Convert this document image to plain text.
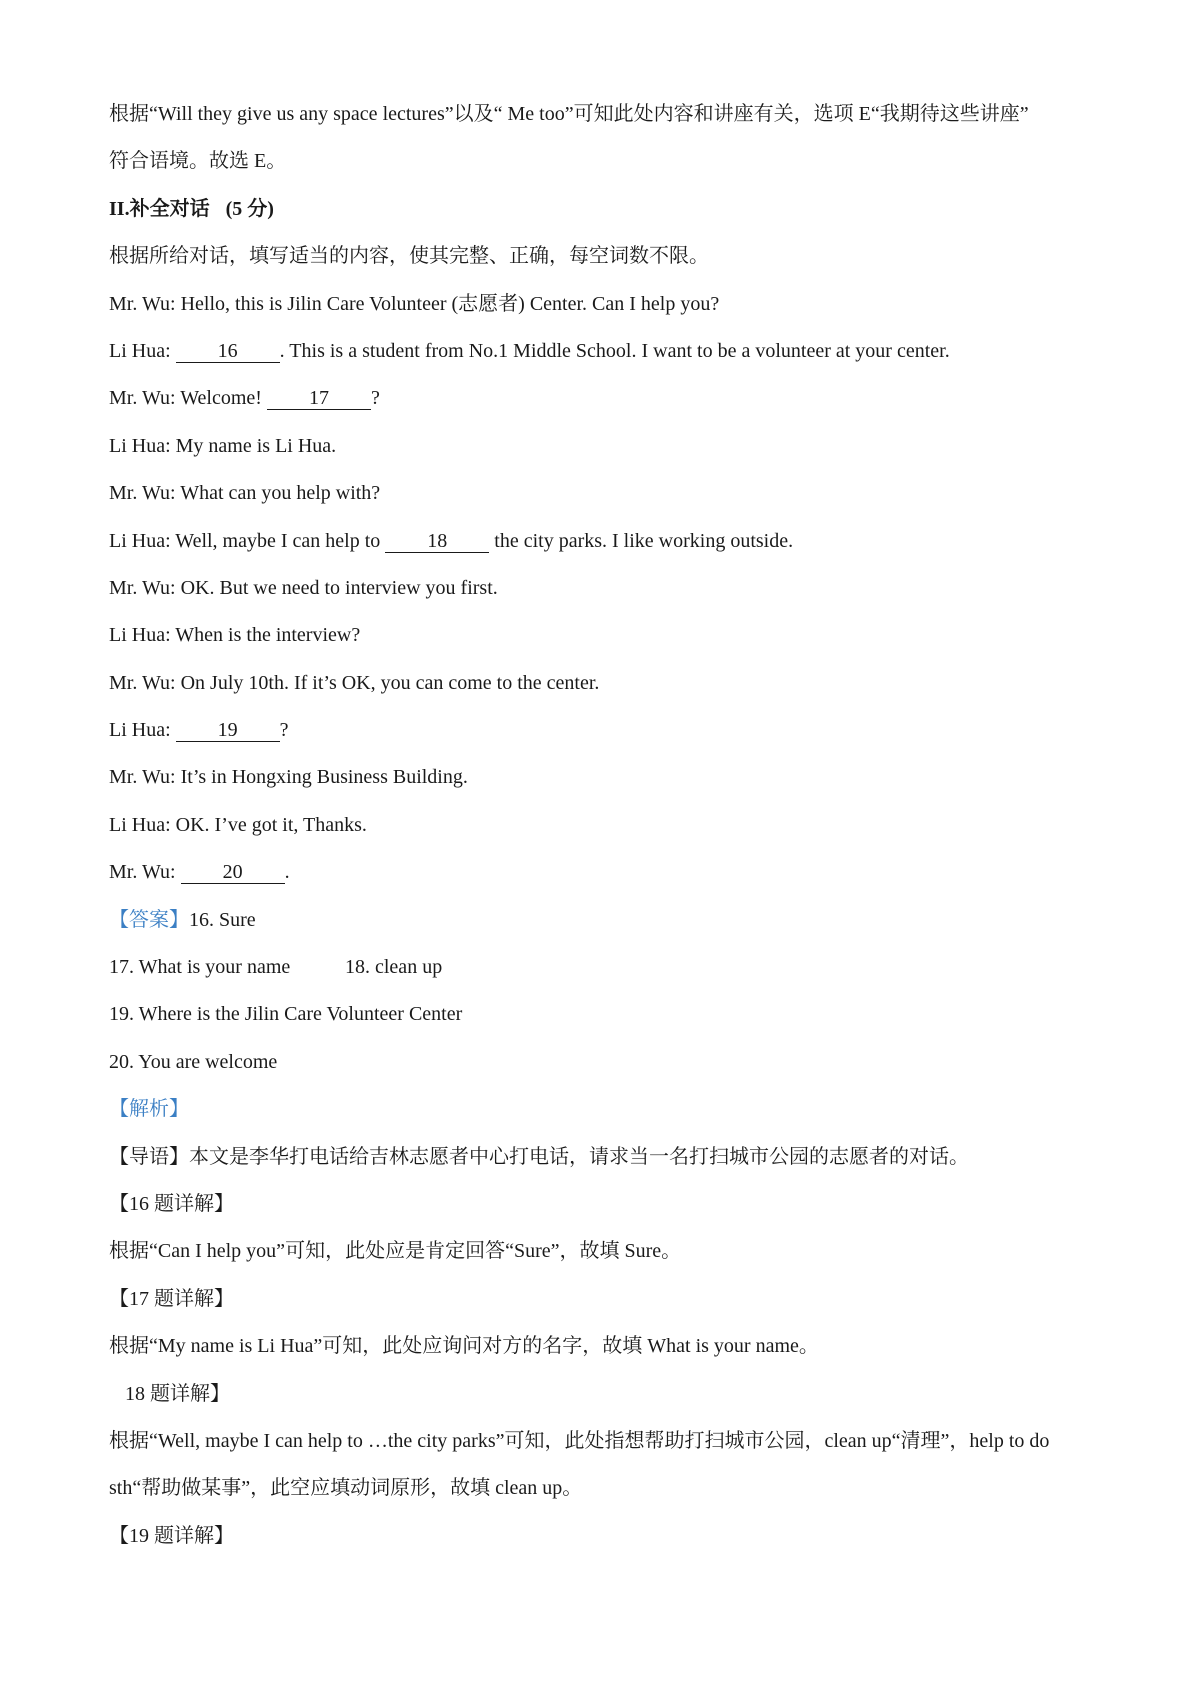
根据“Will they give us any space lectures”以及“ Me too”可知此处内容和讲座有关，选项 E“我期待这些讲座”
符合语境。故选 E。
II.补全对话 (5 分)
根据所给对话，填写适当的内容，使其完整、正确，每空词数不限。
Mr. Wu: Hello, this is Jilin Care Volunteer (志愿者) Center. Can I help you?
Li Hua: 16 . This is a student from No.1 Middle School. I want to be a volunteer at your center.
Mr. Wu: Welcome! 17 ?
Li Hua: My name is Li Hua.
Mr. Wu: What can you help with?
Li Hua: Well, maybe I can help to 18 the city parks. I like working outside.
Mr. Wu: OK. But we need to interview you first.
Li Hua: When is the interview?
Mr. Wu: On July 10th. If it’s OK, you can come to the center.
Li Hua: 19 ?
Mr. Wu: It’s in Hongxing Business Building.
Li Hua: OK. I’ve got it, Thanks.
Mr. Wu: 20 .
【答案】16. Sure
17. What is your name	18. clean up
19. Where is the Jilin Care Volunteer Center
20. You are welcome
【解析】
【导语】本文是李华打电话给吉林志愿者中心打电话，请求当一名打扫城市公园的志愿者的对话。
【16 题详解】
根据“Can I help you”可知，此处应是肯定回答“Sure”，故填 Sure。
【17 题详解】
根据“My name is Li Hua”可知，此处应询问对方的名字，故填 What is your name。
18 题详解】
根据“Well, maybe I can help to …the city parks”可知，此处指想帮助打扫城市公园，clean up“清理”，help to do
sth“帮助做某事”，此空应填动词原形，故填 clean up。
【19 题详解】
